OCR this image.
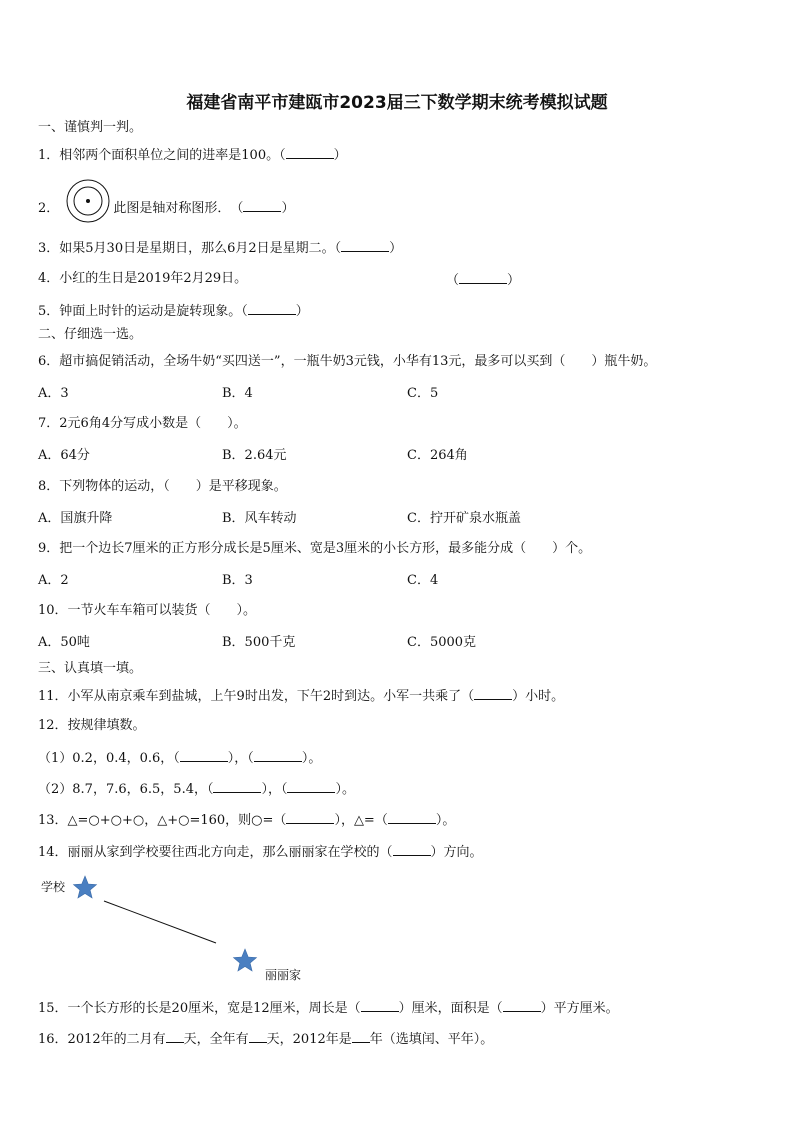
福建省南平市建瓯市2023届三下数学期末统考模拟试题
一、谨慎判一判。
1．相邻两个面积单位之间的进率是100。（	）
2．	此图是轴对称图形．　（	）
3．如果5月30日是星期日，那么6月2日是星期二。（	）
4．小红的生日是2019年2月29日。	（	）
5．钟面上时针的运动是旋转现象。（	）
二、仔细选一选。
6．超市搞促销活动，全场牛奶“买四送一”，一瓶牛奶3元钱，小华有13元，最多可以买到（　　）瓶牛奶。
A．3	B．4	C．5
7．2元6角4分写成小数是（　　）。
A．64分	B．2.64元	C．264角
8．下列物体的运动，（　　）是平移现象。
A．国旗升降	B．风车转动	C．拧开矿泉水瓶盖
9．把一个边长7厘米的正方形分成长是5厘米、宽是3厘米的小长方形，最多能分成（　　）个。
A．2	B．3	C．4
10．一节火车车箱可以装货（　　）。
A．50吨	B．500千克	C．5000克
三、认真填一填。
11．小军从南京乘车到盐城，上午9时出发，下午2时到达。小军一共乘了（	）小时。
12．按规律填数。
（1）0.2，0.4，0.6，（	），（	）。
（2）8.7，7.6，6.5，5.4，（	），（	）。
13．△=○+○+○，△+○=160，则○=（	），△=（	）。
14．丽丽从家到学校要往西北方向走，那么丽丽家在学校的（	）方向。
学校
丽丽家
15．一个长方形的长是20厘米，宽是12厘米，周长是（	）厘米，面积是（	）平方厘米。
16．2012年的二月有 天，全年有 天，2012年是 年（选填闰、平年）。
